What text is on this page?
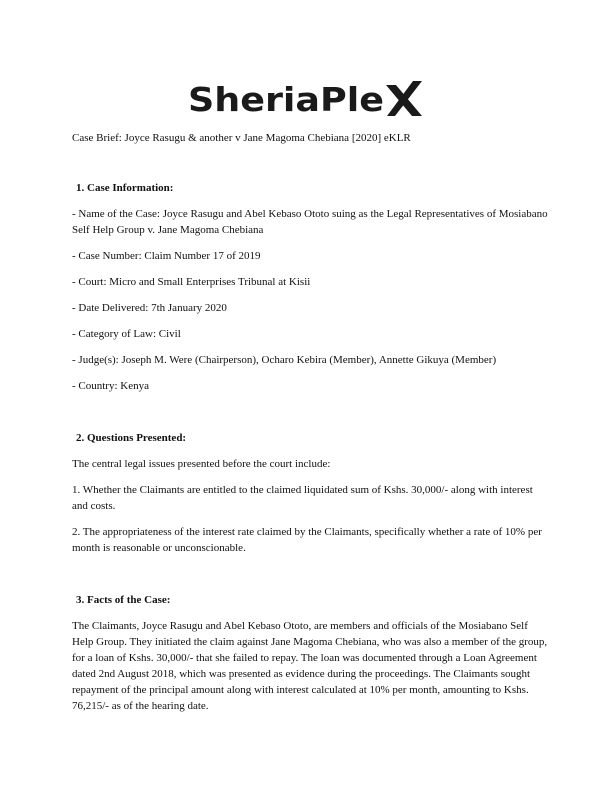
SheriaPle

Case Brief: Joyce Rasugu & another v Jane Magoma Chebiana [2020] eKLR

1. Case Information:

- Name of the Case: Joyce Rasugu and Abel Kebaso Ototo suing as the Legal Representatives of Mosiabano Self Help Group v. Jane Magoma Chebiana

- Case Number: Claim Number 17 of 2019

- Court: Micro and Small Enterprises Tribunal at Kisii

- Date Delivered: 7th January 2020

- Category of Law: Civil

- Judge(s): Joseph M. Were (Chairperson), Ocharo Kebira (Member), Annette Gikuya (Member)

- Country: Kenya

2. Questions Presented:

The central legal issues presented before the court include:

1. Whether the Claimants are entitled to the claimed liquidated sum of Kshs. 30,000/- along with interest and costs.

2. The appropriateness of the interest rate claimed by the Claimants, specifically whether a rate of 10% per month is reasonable or unconscionable.

3. Facts of the Case:

The Claimants, Joyce Rasugu and Abel Kebaso Ototo, are members and officials of the Mosiabano Self Help Group. They initiated the claim against Jane Magoma Chebiana, who was also a member of the group, for a loan of Kshs. 30,000/- that she failed to repay. The loan was documented through a Loan Agreement dated 2nd August 2018, which was presented as evidence during the proceedings. The Claimants sought repayment of the principal amount along with interest calculated at 10% per month, amounting to Kshs. 76,215/- as of the hearing date.
